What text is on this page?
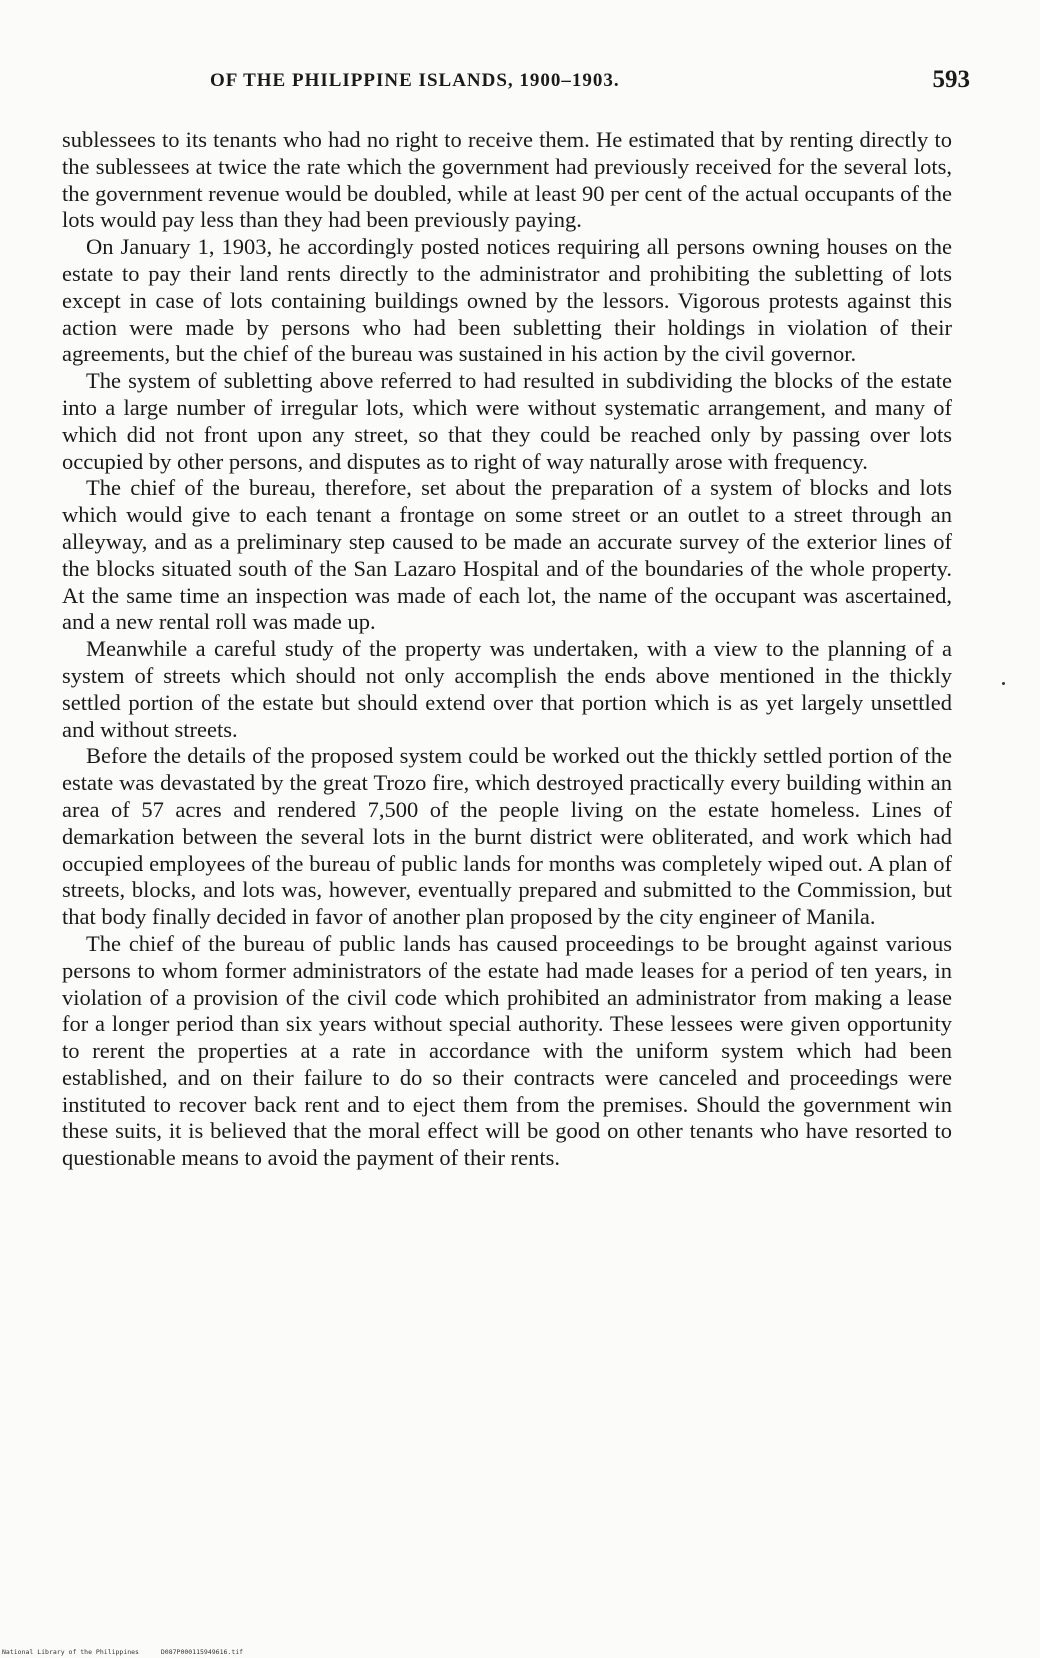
OF THE PHILIPPINE ISLANDS, 1900–1903.	593

sublessees to its tenants who had no right to receive them. He estimated that by renting directly to the sublessees at twice the rate which the government had previously received for the several lots, the government revenue would be doubled, while at least 90 per cent of the actual occupants of the lots would pay less than they had been previously paying.

On January 1, 1903, he accordingly posted notices requiring all persons owning houses on the estate to pay their land rents directly to the administrator and prohibiting the subletting of lots except in case of lots containing buildings owned by the lessors. Vigorous protests against this action were made by persons who had been subletting their holdings in violation of their agreements, but the chief of the bureau was sustained in his action by the civil governor.

The system of subletting above referred to had resulted in subdividing the blocks of the estate into a large number of irregular lots, which were without systematic arrangement, and many of which did not front upon any street, so that they could be reached only by passing over lots occupied by other persons, and disputes as to right of way naturally arose with frequency.

The chief of the bureau, therefore, set about the preparation of a system of blocks and lots which would give to each tenant a frontage on some street or an outlet to a street through an alleyway, and as a preliminary step caused to be made an accurate survey of the exterior lines of the blocks situated south of the San Lazaro Hospital and of the boundaries of the whole property. At the same time an inspection was made of each lot, the name of the occupant was ascertained, and a new rental roll was made up.

Meanwhile a careful study of the property was undertaken, with a view to the planning of a system of streets which should not only accomplish the ends above mentioned in the thickly settled portion of the estate but should extend over that portion which is as yet largely unsettled and without streets.

Before the details of the proposed system could be worked out the thickly settled portion of the estate was devastated by the great Trozo fire, which destroyed practically every building within an area of 57 acres and rendered 7,500 of the people living on the estate homeless. Lines of demarkation between the several lots in the burnt district were obliterated, and work which had occupied employees of the bureau of public lands for months was completely wiped out. A plan of streets, blocks, and lots was, however, eventually prepared and submitted to the Commission, but that body finally decided in favor of another plan proposed by the city engineer of Manila.

The chief of the bureau of public lands has caused proceedings to be brought against various persons to whom former administrators of the estate had made leases for a period of ten years, in violation of a provision of the civil code which prohibited an administrator from making a lease for a longer period than six years without special authority. These lessees were given opportunity to rerent the properties at a rate in accordance with the uniform system which had been established, and on their failure to do so their contracts were canceled and proceedings were instituted to recover back rent and to eject them from the premises. Should the government win these suits, it is believed that the moral effect will be good on other tenants who have resorted to questionable means to avoid the payment of their rents.

National Library of the Philippines	D087P000115949616.tif
